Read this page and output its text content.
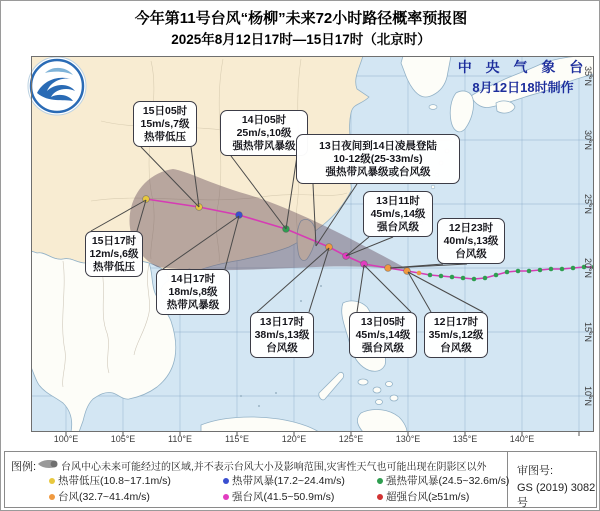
今年第11号台风“杨柳”未来72小时路径概率预报图
2025年8月12日17时—15日17时（北京时）
中 央 气 象 台
8月12日18时制作
15日05时
15m/s,7级
热带低压
14日05时
25m/s,10级
强热带风暴级	13日夜间到14日凌晨登陆
10-12级(25-33m/s)
强热带风暴级或台风级
13日11时
45m/s,14级
强台风级	12日23时
40m/s,13级
台风级
15日17时
12m/s,6级
热带低压
14日17时
18m/s,8级
热带风暴级
13日17时
38m/s,13级
台风级
13日05时
45m/s,14级
强台风级
12日17时
35m/s,12级
台风级
100°E	105°E	110°E	115°E	120°E	125°E	130°E	135°E	140°E
35°N
30°N
25°N
20°N
15°N
10°N
图例: 台风中心未来可能经过的区域,并不表示台风大小及影响范围,灾害性天气也可能出现在阴影区以外
热带低压(10.8~17.1m/s)	热带风暴(17.2~24.4m/s)	强热带风暴(24.5~32.6m/s)
台风(32.7~41.4m/s)	强台风(41.5~50.9m/s)	超强台风(≥51m/s)
审图号:
GS (2019) 3082号
